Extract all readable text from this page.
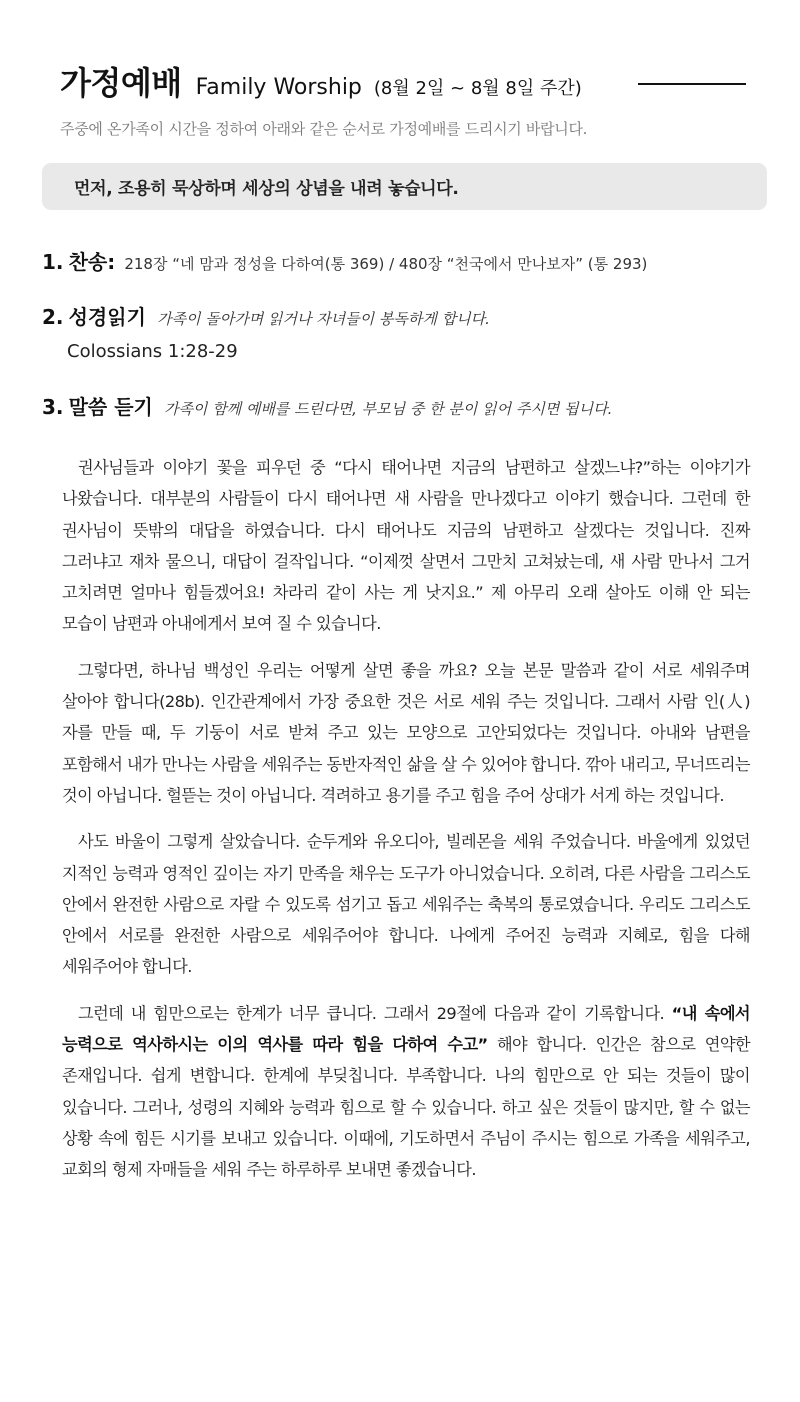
가정예배 Family Worship (8월 2일 ~ 8월 8일 주간)
주중에 온가족이 시간을 정하여 아래와 같은 순서로 가정예배를 드리시기 바랍니다.
먼저, 조용히 묵상하며 세상의 상념을 내려 놓습니다.
1. 찬송: 218장 “네 맘과 정성을 다하여(통 369) / 480장 “천국에서 만나보자” (통 293)
2. 성경읽기 가족이 돌아가며 읽거나 자녀들이 봉독하게 합니다.
Colossians 1:28-29
3. 말씀 듣기 가족이 함께 예배를 드린다면, 부모님 중 한 분이 읽어 주시면 됩니다.

권사님들과 이야기 꽃을 피우던 중 “다시 태어나면 지금의 남편하고 살겠느냐?”하는 이야기가 나왔습니다. 대부분의 사람들이 다시 태어나면 새 사람을 만나겠다고 이야기 했습니다. 그런데 한 권사님이 뜻밖의 대답을 하였습니다. 다시 태어나도 지금의 남편하고 살겠다는 것입니다. 진짜 그러냐고 재차 물으니, 대답이 걸작입니다. “이제껏 살면서 그만치 고쳐놨는데, 새 사람 만나서 그거 고치려면 얼마나 힘들겠어요! 차라리 같이 사는 게 낫지요.” 제 아무리 오래 살아도 이해 안 되는 모습이 남편과 아내에게서 보여 질 수 있습니다.

그렇다면, 하나님 백성인 우리는 어떻게 살면 좋을 까요? 오늘 본문 말씀과 같이 서로 세워주며 살아야 합니다(28b). 인간관계에서 가장 중요한 것은 서로 세워 주는 것입니다. 그래서 사람 인(人)자를 만들 때, 두 기둥이 서로 받쳐 주고 있는 모양으로 고안되었다는 것입니다. 아내와 남편을 포함해서 내가 만나는 사람을 세워주는 동반자적인 삶을 살 수 있어야 합니다. 깎아 내리고, 무너뜨리는 것이 아닙니다. 헐뜯는 것이 아닙니다. 격려하고 용기를 주고 힘을 주어 상대가 서게 하는 것입니다.

사도 바울이 그렇게 살았습니다. 순두게와 유오디아, 빌레몬을 세워 주었습니다. 바울에게 있었던 지적인 능력과 영적인 깊이는 자기 만족을 채우는 도구가 아니었습니다. 오히려, 다른 사람을 그리스도 안에서 완전한 사람으로 자랄 수 있도록 섬기고 돕고 세워주는 축복의 통로였습니다. 우리도 그리스도 안에서 서로를 완전한 사람으로 세워주어야 합니다. 나에게 주어진 능력과 지혜로, 힘을 다해 세워주어야 합니다.

그런데 내 힘만으로는 한계가 너무 큽니다. 그래서 29절에 다음과 같이 기록합니다. “내 속에서 능력으로 역사하시는 이의 역사를 따라 힘을 다하여 수고” 해야 합니다. 인간은 참으로 연약한 존재입니다. 쉽게 변합니다. 한계에 부딪칩니다. 부족합니다. 나의 힘만으로 안 되는 것들이 많이 있습니다. 그러나, 성령의 지혜와 능력과 힘으로 할 수 있습니다. 하고 싶은 것들이 많지만, 할 수 없는 상황 속에 힘든 시기를 보내고 있습니다. 이때에, 기도하면서 주님이 주시는 힘으로 가족을 세워주고, 교회의 형제 자매들을 세워 주는 하루하루 보내면 좋겠습니다.
